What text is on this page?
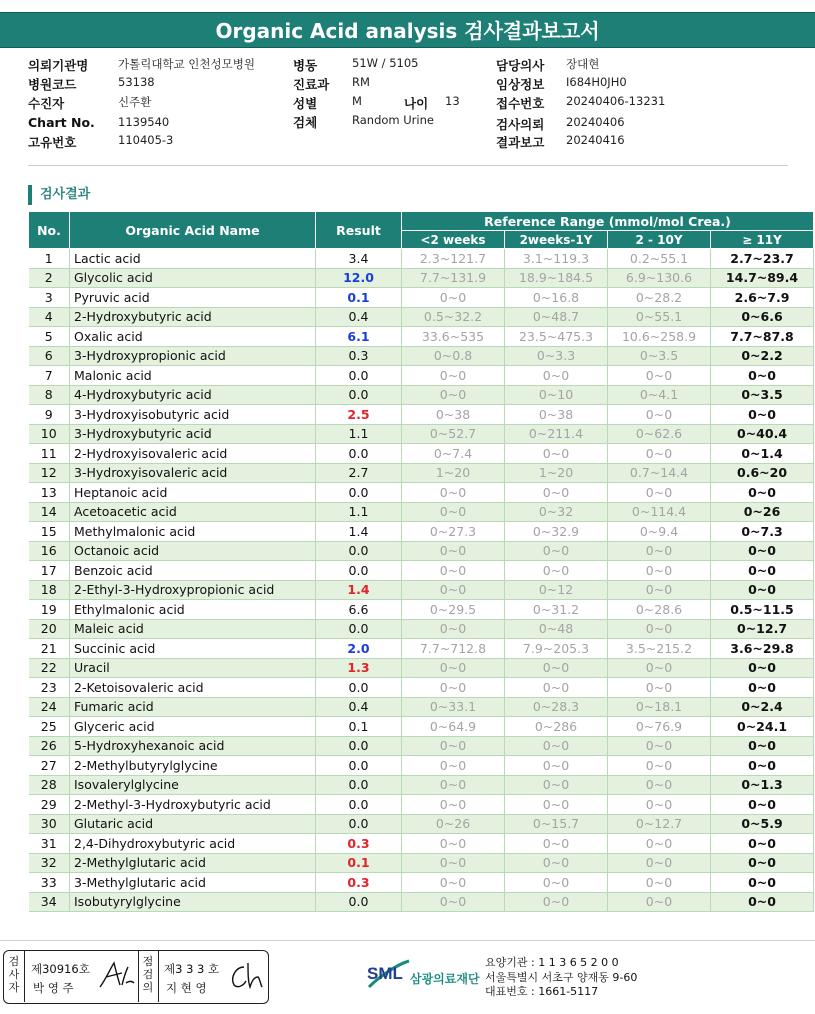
Organic Acid analysis 검사결과보고서
의뢰기관명	가톨릭대학교 인천성모병원
병원코드	53138
수진자	신주환
Chart No. 1139540
고유번호	110405-3
병동	51W / 5105
진료과 RM
성별	M	나이 13
검체	Random Urine
담당의사 장대현
임상정보 I684H0JH0
접수번호 20240406-13231
검사의뢰 20240406
결과보고 20240416
검사결과
No.	Organic Acid Name	Result	Reference Range (mmol/mol Crea.)			
			<2 weeks	2weeks-1Y	2 - 10Y	≥ 11Y
1	Lactic acid	3.4	2.3~121.7	3.1~119.3	0.2~55.1	2.7~23.7
2	Glycolic acid	12.0	7.7~131.9	18.9~184.5	6.9~130.6	14.7~89.4
3	Pyruvic acid	0.1	0~0	0~16.8	0~28.2	2.6~7.9
4	2-Hydroxybutyric acid	0.4	0.5~32.2	0~48.7	0~55.1	0~6.6
5	Oxalic acid	6.1	33.6~535	23.5~475.3	10.6~258.9	7.7~87.8
6	3-Hydroxypropionic acid	0.3	0~0.8	0~3.3	0~3.5	0~2.2
7	Malonic acid	0.0	0~0	0~0	0~0	0~0
8	4-Hydroxybutyric acid	0.0	0~0	0~10	0~4.1	0~3.5
9	3-Hydroxyisobutyric acid	2.5	0~38	0~38	0~0	0~0
10	3-Hydroxybutyric acid	1.1	0~52.7	0~211.4	0~62.6	0~40.4
11	2-Hydroxyisovaleric acid	0.0	0~7.4	0~0	0~0	0~1.4
12	3-Hydroxyisovaleric acid	2.7	1~20	1~20	0.7~14.4	0.6~20
13	Heptanoic acid	0.0	0~0	0~0	0~0	0~0
14	Acetoacetic acid	1.1	0~0	0~32	0~114.4	0~26
15	Methylmalonic acid	1.4	0~27.3	0~32.9	0~9.4	0~7.3
16	Octanoic acid	0.0	0~0	0~0	0~0	0~0
17	Benzoic acid	0.0	0~0	0~0	0~0	0~0
18	2-Ethyl-3-Hydroxypropionic acid	1.4	0~0	0~12	0~0	0~0
19	Ethylmalonic acid	6.6	0~29.5	0~31.2	0~28.6	0.5~11.5
20	Maleic acid	0.0	0~0	0~48	0~0	0~12.7
21	Succinic acid	2.0	7.7~712.8	7.9~205.3	3.5~215.2	3.6~29.8
22	Uracil	1.3	0~0	0~0	0~0	0~0
23	2-Ketoisovaleric acid	0.0	0~0	0~0	0~0	0~0
24	Fumaric acid	0.4	0~33.1	0~28.3	0~18.1	0~2.4
25	Glyceric acid	0.1	0~64.9	0~286	0~76.9	0~24.1
26	5-Hydroxyhexanoic acid	0.0	0~0	0~0	0~0	0~0
27	2-Methylbutyrylglycine	0.0	0~0	0~0	0~0	0~0
28	Isovalerylglycine	0.0	0~0	0~0	0~0	0~1.3
29	2-Methyl-3-Hydroxybutyric acid	0.0	0~0	0~0	0~0	0~0
30	Glutaric acid	0.0	0~26	0~15.7	0~12.7	0~5.9
31	2,4-Dihydroxybutyric acid	0.3	0~0	0~0	0~0	0~0
32	2-Methylglutaric acid	0.1	0~0	0~0	0~0	0~0
33	3-Methylglutaric acid	0.3	0~0	0~0	0~0	0~0
34	Isobutyrylglycine	0.0	0~0	0~0	0~0	0~0
검
사
자
제30916호
박 영 주
점
검
의
제3 3 3 호
지 현 영
SML 삼광의료재단
요양기관 : 1 1 3 6 5 2 0 0
서울특별시 서초구 양재동 9-60
대표번호 : 1661-5117
